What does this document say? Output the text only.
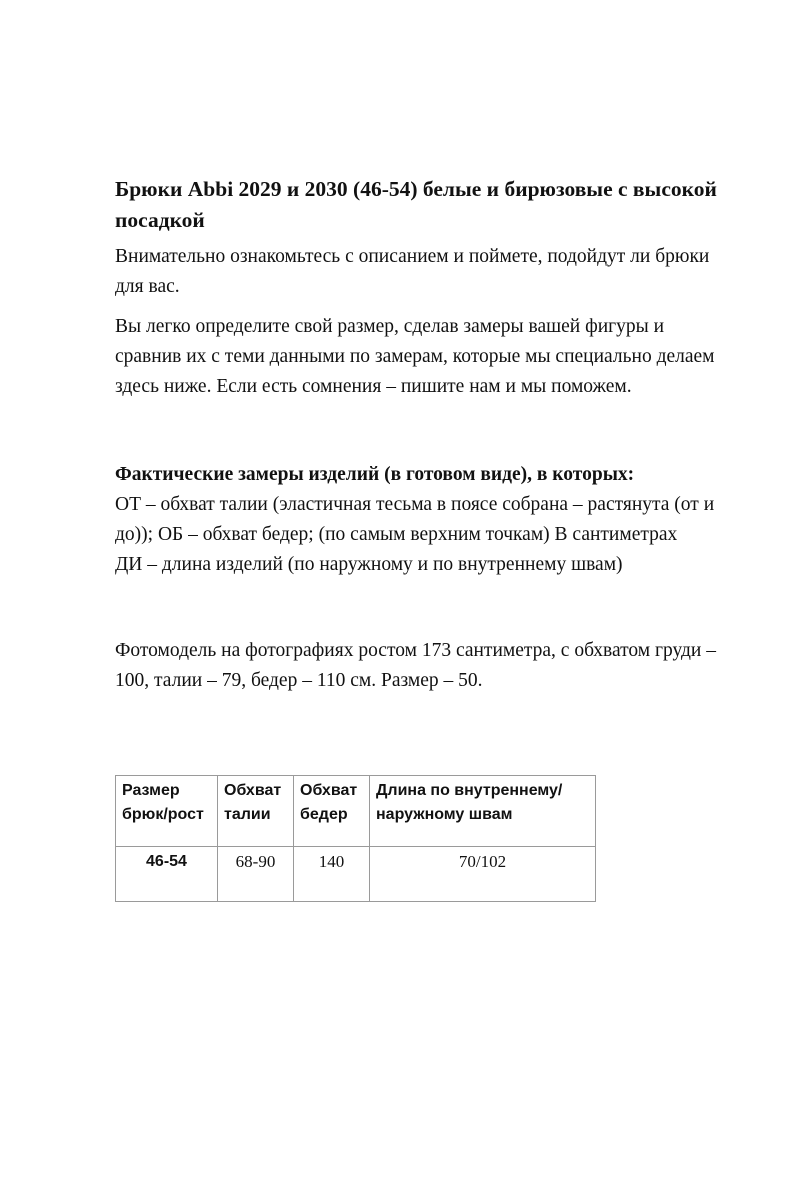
Брюки Abbi 2029 и 2030 (46-54) белые и бирюзовые с высокой посадкой

Внимательно ознакомьтесь с описанием и поймете, подойдут ли брюки для вас.

Вы легко определите свой размер, сделав замеры вашей фигуры и сравнив их с теми данными по замерам, которые мы специально делаем здесь ниже. Если есть сомнения – пишите нам и мы поможем.

Фактические замеры изделий (в готовом виде), в которых:
ОТ – обхват талии (эластичная тесьма в поясе собрана – растянута (от и до)); ОБ – обхват бедер; (по самым верхним точкам) В сантиметрах
ДИ – длина изделий (по наружному и по внутреннему швам)

Фотомодель на фотографиях ростом 173 сантиметра, с обхватом груди – 100, талии – 79, бедер – 110 см. Размер – 50.

Размер брюк/рост	Обхват талии	Обхват бедер	Длина по внутреннему/наружному швам
46-54	68-90	140	70/102
